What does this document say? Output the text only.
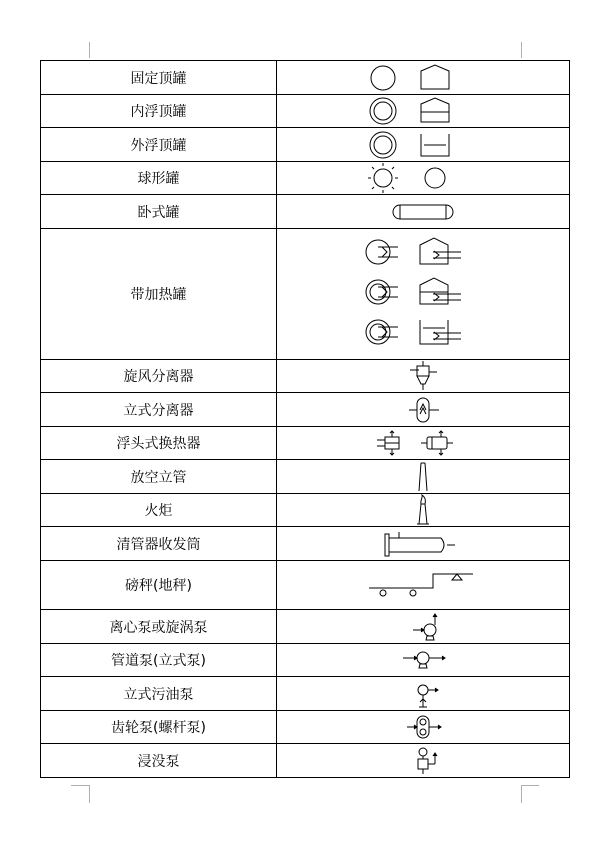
固定顶罐	

内浮顶罐	

外浮顶罐	

球形罐	

卧式罐	

带加热罐	

旋风分离器	

立式分离器	

浮头式换热器	

放空立管	

火炬	

清管器收发筒	

磅秤(地秤)	

离心泵或旋涡泵	

管道泵(立式泵)	

立式污油泵	

齿轮泵(螺杆泵)	

浸没泵	
